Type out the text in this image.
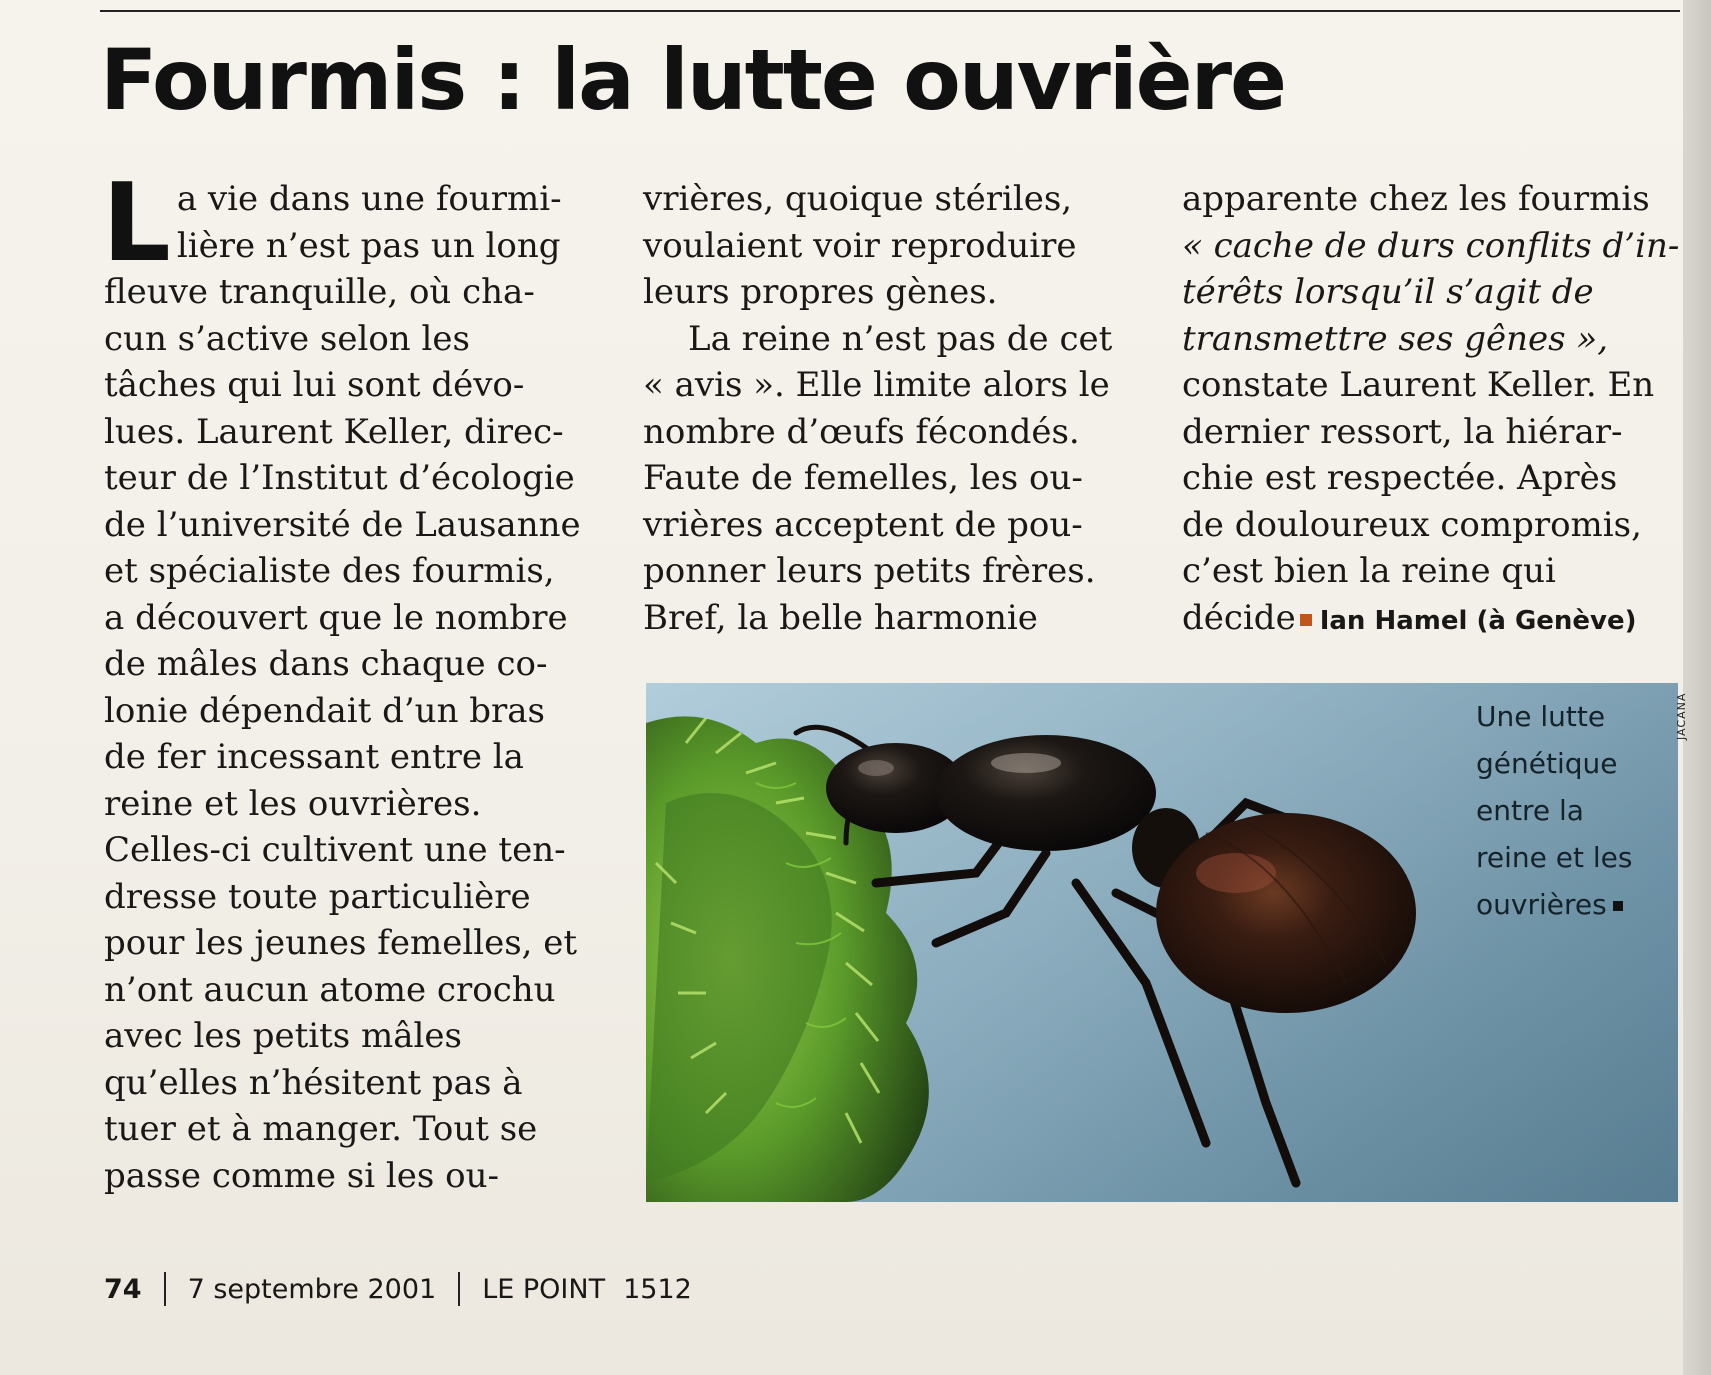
Fourmis : la lutte ouvrière
L a vie dans une fourmi-
lière n’est pas un long
fleuve tranquille, où cha-
cun s’active selon les
tâches qui lui sont dévo-
lues. Laurent Keller, direc-
teur de l’Institut d’écologie
de l’université de Lausanne
et spécialiste des fourmis,
a découvert que le nombre
de mâles dans chaque co-
lonie dépendait d’un bras
de fer incessant entre la
reine et les ouvrières.
Celles-ci cultivent une ten-
dresse toute particulière
pour les jeunes femelles, et
n’ont aucun atome crochu
avec les petits mâles
qu’elles n’hésitent pas à
tuer et à manger. Tout se
passe comme si les ou-
vrières, quoique stériles,
voulaient voir reproduire
leurs propres gènes.
La reine n’est pas de cet
« avis ». Elle limite alors le
nombre d’œufs fécondés.
Faute de femelles, les ou-
vrières acceptent de pou-
ponner leurs petits frères.
Bref, la belle harmonie
apparente chez les fourmis
« cache de durs conflits d’in-
térêts lorsqu’il s’agit de
transmettre ses gênes »,
constate Laurent Keller. En
dernier ressort, la hiérar-
chie est respectée. Après
de douloureux compromis,
c’est bien la reine qui
décide Ian Hamel (à Genève)
JACANA
Une lutte
génétique
entre la
reine et les
ouvrières
74 7 septembre 2001 LE POINT 1512
